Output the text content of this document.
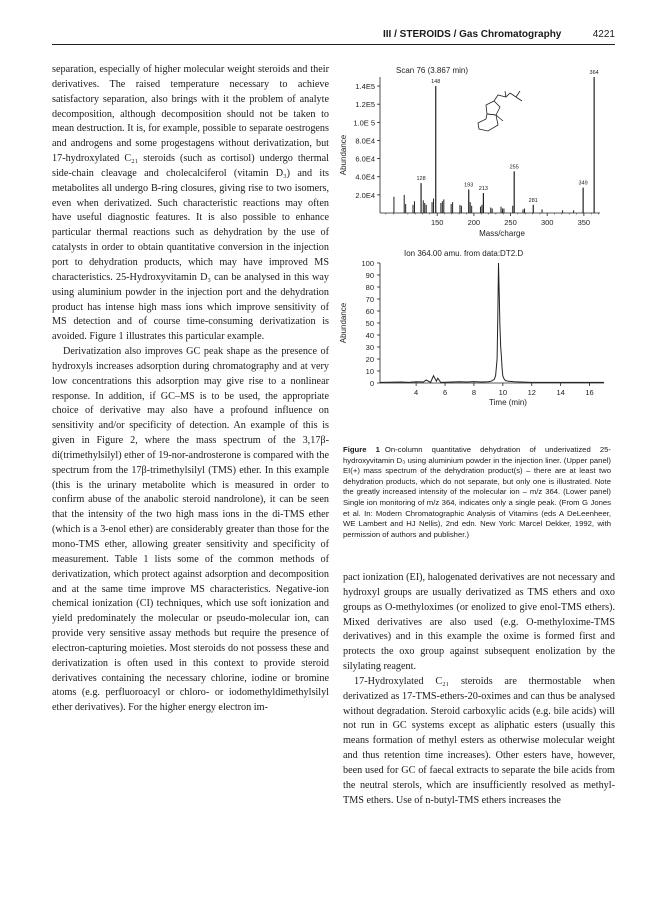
III / STEROIDS / Gas Chromatography	4221

separation, especially of higher molecular weight steroids and their derivatives. The raised temperature necessary to achieve satisfactory separation, also brings with it the problem of analyte decomposition, although decomposition should not be taken to mean destruction. It is, for example, possible to separate oestrogens and androgens and some progestagens without derivatization, but 17-hydroxylated C₂₁ steroids (such as cortisol) undergo thermal side-chain cleavage and cholecalciferol (vitamin D₃) and its metabolites all undergo B-ring closures, giving rise to two isomers, even when derivatized. Such characteristic reactions may often have useful diagnostic features. It is also possible to enhance particular thermal reactions such as dehydration by the use of catalysts in order to obtain quantitative conversion in the injection port to dehydration products, which may have improved MS characteristics. 25-Hydroxyvitamin D₃ can be analysed in this way using aluminium powder in the injection port and the dehydration product has intense high mass ions which improve sensitivity of MS detection and of course time-consuming derivatization is avoided. Figure 1 illustrates this particular example.

Derivatization also improves GC peak shape as the presence of hydroxyls increases adsorption during chromatography and at very low concentrations this adsorption may give rise to a nonlinear response. In addition, if GC–MS is to be used, the appropriate choice of derivative may also have a profound influence on sensitivity and/or specificity of detection. An example of this is given in Figure 2, where the mass spectrum of the 3,17β-di(trimethylsilyl) ether of 19-nor-androsterone is compared with the spectrum from the 17β-trimethylsilyl (TMS) ether. In this example (this is the urinary metabolite which is measured in order to confirm abuse of the anabolic steroid nandrolone), it can be seen that the intensity of the two high mass ions in the di-TMS ether (which is a 3-enol ether) are considerably greater than those for the mono-TMS ether, allowing greater sensitivity and specificity of measurement. Table 1 lists some of the common methods of derivatization, which protect against adsorption and decomposition and at the same time improve MS characteristics. Negative-ion chemical ionization (CI) techniques, which use soft ionization and yield predominately the molecular or pseudo-molecular ion, can provide very sensitive assay methods but require the presence of electron-capturing moieties. Most steroids do not possess these and derivatization is often used in this context to provide steroid derivatives containing the necessary chlorine, iodine or bromine atoms (e.g. perfluoroacyl or chloro- or iodomethyldimethylsilyl ether derivatives). For the higher energy electron im-

2.0E4
4.0E4
6.0E4
8.0E4
1.0E 5
1.2E5
1.4E5
150	200	250	300	350
Mass/charge
Abundance
Scan 76 (3.867 min)
128
148
193
213
255
281
349
364
0
10
20
30
40
50
60
70
80
90
100
4	6	8	10	12	14	16
Time (min)
Abundance
Ion 364.00 amu. from data:DT2.D
Figure 1 On-column quantitative dehydration of underivatized 25-hydroxyvitamin D₃ using aluminium powder in the injection liner. (Upper panel) EI(+) mass spectrum of the dehydration product(s) – there are at least two dehydration products, which do not separate, but only one is illustrated. Note the greatly increased intensity of the molecular ion – m/z 364. (Lower panel) Single ion monitoring of m/z 364, indicates only a single peak. (From G Jones et al. In: Modern Chromatographic Analysis of Vitamins (eds A DeLeenheer, WE Lambert and HJ Nellis), 2nd edn. New York: Marcel Dekker, 1992, with permission of authors and publisher.)

pact ionization (EI), halogenated derivatives are not necessary and hydroxyl groups are usually derivatized as TMS ethers and oxo groups as O-methyloximes (or enolized to give enol-TMS ethers). Mixed derivatives are also used (e.g. O-methyloxime-TMS derivatives) and in this example the oxime is formed first and protects the oxo group against subsequent enolization by the silylating reagent.

17-Hydroxylated C₂₁ steroids are thermostable when derivatized as 17-TMS-ethers-20-oximes and can thus be analysed without degradation. Steroid carboxylic acids (e.g. bile acids) will not run in GC systems except as aliphatic esters (usually this means formation of methyl esters as otherwise molecular weight and thus retention time increases). Other esters have, however, been used for GC of faecal extracts to separate the bile acids from the neutral sterols, which are insufficiently resolved as methyl-TMS ethers. Use of n-butyl-TMS ethers increases the
